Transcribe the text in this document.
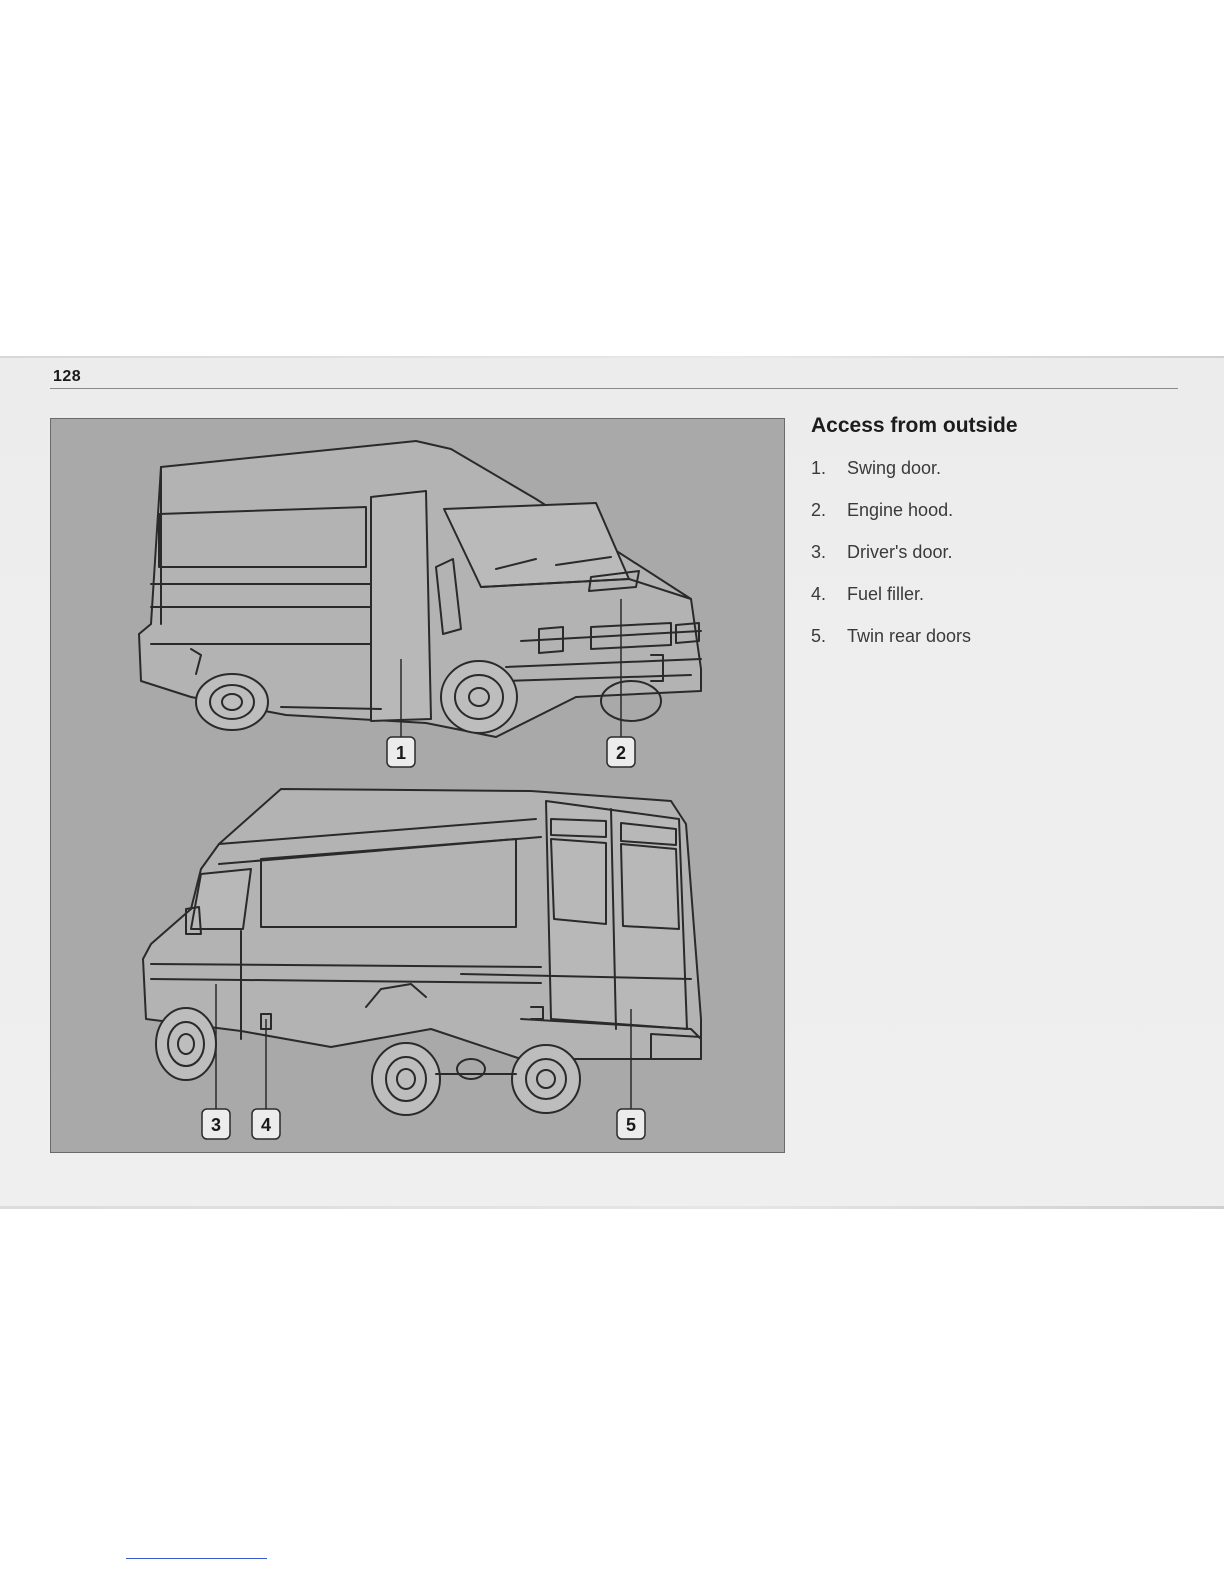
128
1	2
3 4	5
Access from outside
1.	Swing door.
2.	Engine hood.
3.	Driver's door.
4.	Fuel filler.
5.	Twin rear doors
